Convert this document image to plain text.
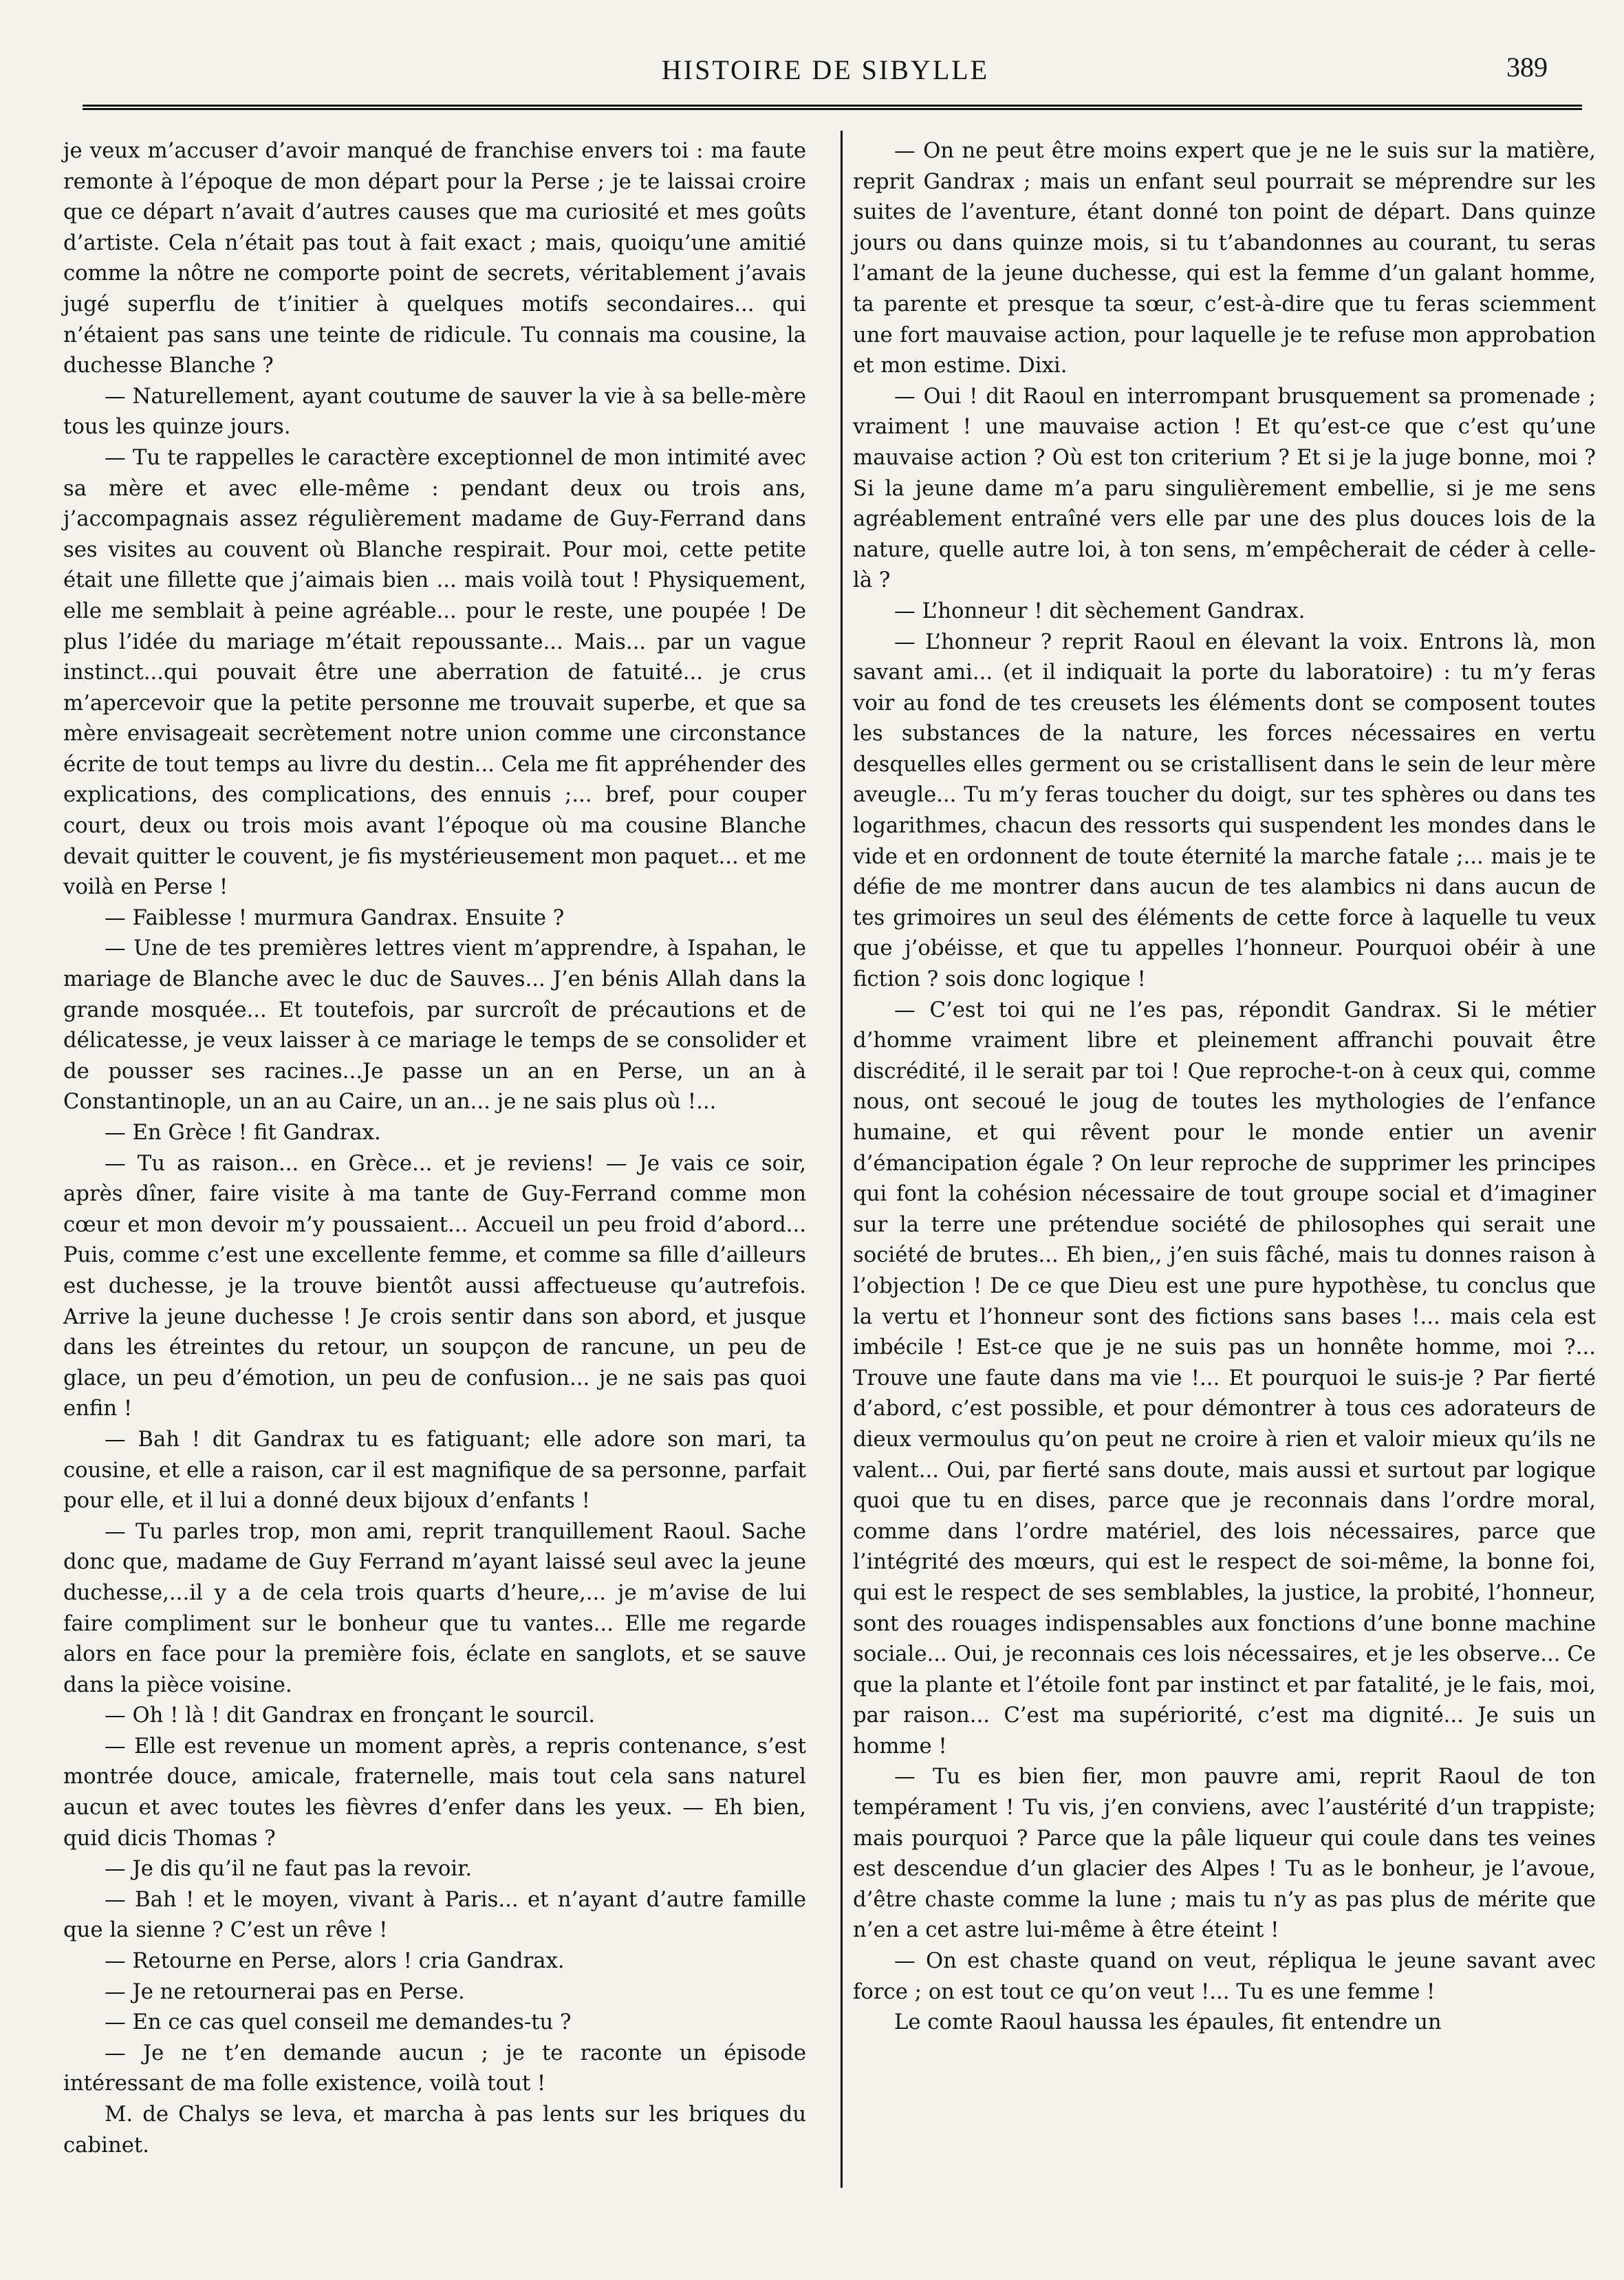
HISTOIRE DE SIBYLLE	389

je veux m’accuser d’avoir manqué de franchise envers toi : ma faute remonte à l’époque de mon départ pour la Perse ; je te laissai croire que ce départ n’avait d’autres causes que ma curiosité et mes goûts d’artiste. Cela n’était pas tout à fait exact ; mais, quoiqu’une amitié comme la nôtre ne comporte point de secrets, véritablement j’avais jugé superflu de t’initier à quelques motifs secondaires... qui n’étaient pas sans une teinte de ridicule. Tu connais ma cousine, la duchesse Blanche ?

— Naturellement, ayant coutume de sauver la vie à sa belle-mère tous les quinze jours.

— Tu te rappelles le caractère exceptionnel de mon intimité avec sa mère et avec elle-même : pendant deux ou trois ans, j’accompagnais assez régulièrement madame de Guy-Ferrand dans ses visites au couvent où Blanche respirait. Pour moi, cette petite était une fillette que j’aimais bien ... mais voilà tout ! Physiquement, elle me semblait à peine agréable... pour le reste, une poupée ! De plus l’idée du mariage m’était repoussante... Mais... par un vague instinct...qui pouvait être une aberration de fatuité... je crus m’apercevoir que la petite personne me trouvait superbe, et que sa mère envisageait secrètement notre union comme une circonstance écrite de tout temps au livre du destin... Cela me fit appréhender des explications, des complications, des ennuis ;... bref, pour couper court, deux ou trois mois avant l’époque où ma cousine Blanche devait quitter le couvent, je fis mystérieusement mon paquet... et me voilà en Perse !

— Faiblesse ! murmura Gandrax. Ensuite ?

— Une de tes premières lettres vient m’apprendre, à Ispahan, le mariage de Blanche avec le duc de Sauves... J’en bénis Allah dans la grande mosquée... Et toutefois, par surcroît de précautions et de délicatesse, je veux laisser à ce mariage le temps de se consolider et de pousser ses racines...Je passe un an en Perse, un an à Constantinople, un an au Caire, un an... je ne sais plus où !...

— En Grèce ! fit Gandrax.

— Tu as raison... en Grèce... et je reviens! — Je vais ce soir, après dîner, faire visite à ma tante de Guy-Ferrand comme mon cœur et mon devoir m’y poussaient... Accueil un peu froid d’abord... Puis, comme c’est une excellente femme, et comme sa fille d’ailleurs est duchesse, je la trouve bientôt aussi affectueuse qu’autrefois. Arrive la jeune duchesse ! Je crois sentir dans son abord, et jusque dans les étreintes du retour, un soupçon de rancune, un peu de glace, un peu d’émotion, un peu de confusion... je ne sais pas quoi enfin !

— Bah ! dit Gandrax tu es fatiguant; elle adore son mari, ta cousine, et elle a raison, car il est magnifique de sa personne, parfait pour elle, et il lui a donné deux bijoux d’enfants !

— Tu parles trop, mon ami, reprit tranquillement Raoul. Sache donc que, madame de Guy Ferrand m’ayant laissé seul avec la jeune duchesse,...il y a de cela trois quarts d’heure,... je m’avise de lui faire compliment sur le bonheur que tu vantes... Elle me regarde alors en face pour la première fois, éclate en sanglots, et se sauve dans la pièce voisine.

— Oh ! là ! dit Gandrax en fronçant le sourcil.

— Elle est revenue un moment après, a repris contenance, s’est montrée douce, amicale, fraternelle, mais tout cela sans naturel aucun et avec toutes les fièvres d’enfer dans les yeux. — Eh bien, quid dicis Thomas ?

— Je dis qu’il ne faut pas la revoir.

— Bah ! et le moyen, vivant à Paris... et n’ayant d’autre famille que la sienne ? C’est un rêve !

— Retourne en Perse, alors ! cria Gandrax.

— Je ne retournerai pas en Perse.

— En ce cas quel conseil me demandes-tu ?

— Je ne t’en demande aucun ; je te raconte un épisode intéressant de ma folle existence, voilà tout !

M. de Chalys se leva, et marcha à pas lents sur les briques du cabinet.

— On ne peut être moins expert que je ne le suis sur la matière, reprit Gandrax ; mais un enfant seul pourrait se méprendre sur les suites de l’aventure, étant donné ton point de départ. Dans quinze jours ou dans quinze mois, si tu t’abandonnes au courant, tu seras l’amant de la jeune duchesse, qui est la femme d’un galant homme, ta parente et presque ta sœur, c’est-à-dire que tu feras sciemment une fort mauvaise action, pour laquelle je te refuse mon approbation et mon estime. Dixi.

— Oui ! dit Raoul en interrompant brusquement sa promenade ; vraiment ! une mauvaise action ! Et qu’est-ce que c’est qu’une mauvaise action ? Où est ton criterium ? Et si je la juge bonne, moi ? Si la jeune dame m’a paru singulièrement embellie, si je me sens agréablement entraîné vers elle par une des plus douces lois de la nature, quelle autre loi, à ton sens, m’empêcherait de céder à celle-là ?

— L’honneur ! dit sèchement Gandrax.

— L’honneur ? reprit Raoul en élevant la voix. Entrons là, mon savant ami... (et il indiquait la porte du laboratoire) : tu m’y feras voir au fond de tes creusets les éléments dont se composent toutes les substances de la nature, les forces nécessaires en vertu desquelles elles germent ou se cristallisent dans le sein de leur mère aveugle... Tu m’y feras toucher du doigt, sur tes sphères ou dans tes logarithmes, chacun des ressorts qui suspendent les mondes dans le vide et en ordonnent de toute éternité la marche fatale ;... mais je te défie de me montrer dans aucun de tes alambics ni dans aucun de tes grimoires un seul des éléments de cette force à laquelle tu veux que j’obéisse, et que tu appelles l’honneur. Pourquoi obéir à une fiction ? sois donc logique !

— C’est toi qui ne l’es pas, répondit Gandrax. Si le métier d’homme vraiment libre et pleinement affranchi pouvait être discrédité, il le serait par toi ! Que reproche-t-on à ceux qui, comme nous, ont secoué le joug de toutes les mythologies de l’enfance humaine, et qui rêvent pour le monde entier un avenir d’émancipation égale ? On leur reproche de supprimer les principes qui font la cohésion nécessaire de tout groupe social et d’imaginer sur la terre une prétendue société de philosophes qui serait une société de brutes... Eh bien,, j’en suis fâché, mais tu donnes raison à l’objection ! De ce que Dieu est une pure hypothèse, tu conclus que la vertu et l’honneur sont des fictions sans bases !... mais cela est imbécile ! Est-ce que je ne suis pas un honnête homme, moi ?... Trouve une faute dans ma vie !... Et pourquoi le suis-je ? Par fierté d’abord, c’est possible, et pour démontrer à tous ces adorateurs de dieux vermoulus qu’on peut ne croire à rien et valoir mieux qu’ils ne valent... Oui, par fierté sans doute, mais aussi et surtout par logique quoi que tu en dises, parce que je reconnais dans l’ordre moral, comme dans l’ordre matériel, des lois nécessaires, parce que l’intégrité des mœurs, qui est le respect de soi-même, la bonne foi, qui est le respect de ses semblables, la justice, la probité, l’honneur, sont des rouages indispensables aux fonctions d’une bonne machine sociale... Oui, je reconnais ces lois nécessaires, et je les observe... Ce que la plante et l’étoile font par instinct et par fatalité, je le fais, moi, par raison... C’est ma supériorité, c’est ma dignité... Je suis un homme !

— Tu es bien fier, mon pauvre ami, reprit Raoul de ton tempérament ! Tu vis, j’en conviens, avec l’austérité d’un trappiste; mais pourquoi ? Parce que la pâle liqueur qui coule dans tes veines est descendue d’un glacier des Alpes ! Tu as le bonheur, je l’avoue, d’être chaste comme la lune ; mais tu n’y as pas plus de mérite que n’en a cet astre lui-même à être éteint !

— On est chaste quand on veut, répliqua le jeune savant avec force ; on est tout ce qu’on veut !... Tu es une femme !

Le comte Raoul haussa les épaules, fit entendre un
